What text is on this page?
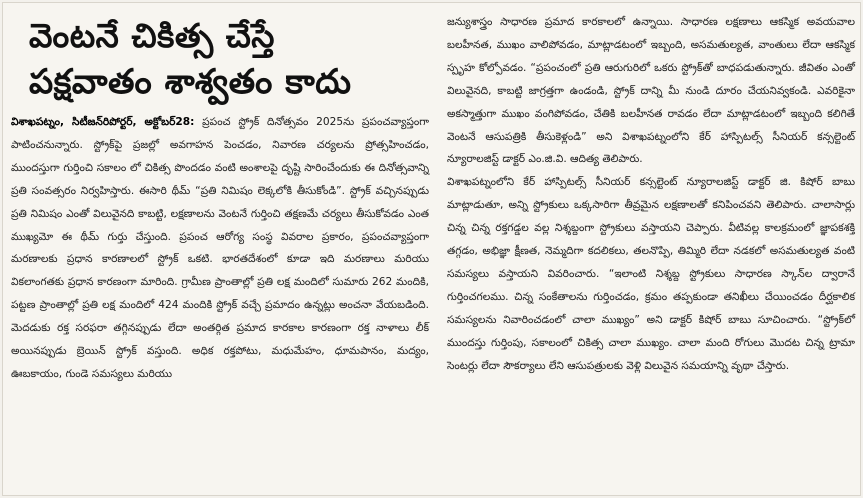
వెంటనే చికిత్స చేస్తే
పక్షవాతం శాశ్వతం కాదు

విశాఖపట్నం, సిటీజన్‌రిపోర్టర్, అక్టోబర్28: ప్రపంచ స్ట్రోక్ దినోత్సవం 2025ను ప్రపంచవ్యాప్తంగా పాటించనున్నారు. స్ట్రోక్‌పై ప్రజల్లో అవగాహన పెంచడం, నివారణ చర్యలను ప్రోత్సహించడం, ముందస్తుగా గుర్తించి సకాలం లో చికిత్స పొందడం వంటి అంశాలపై దృష్టి సారించేందుకు ఈ దినోత్సవాన్ని ప్రతి సంవత్సరం నిర్వహిస్తారు. ఈసారి థీమ్ “ప్రతి నిమిషం లెక్కలోకి తీసుకోండి”. స్ట్రోక్ వచ్చినప్పుడు ప్రతి నిమిషం ఎంతో విలువైనది కాబట్టి, లక్షణాలను వెంటనే గుర్తించి తక్షణమే చర్యలు తీసుకోవడం ఎంత ముఖ్యమో ఈ థీమ్ గుర్తు చేస్తుంది. ప్రపంచ ఆరోగ్య సంస్థ వివరాల ప్రకారం, ప్రపంచవ్యాప్తంగా మరణాలకు ప్రధాన కారణాలలో స్ట్రోక్ ఒకటి. భారతదేశంలో కూడా ఇది మరణాలు మరియు వికలాంగతకు ప్రధాన కారణంగా మారింది. గ్రామీణ ప్రాంతాల్లో ప్రతి లక్ష మందిలో సుమారు 262 మందికి, పట్టణ ప్రాంతాల్లో ప్రతి లక్ష మందిలో 424 మందికి స్ట్రోక్ వచ్చే ప్రమాదం ఉన్నట్లు అంచనా వేయబడింది. మెదడుకు రక్త సరఫరా తగ్గినప్పుడు లేదా అంతర్గిత ప్రమాద కారకాల కారణంగా రక్త నాళాలు లీక్ అయినప్పుడు బ్రెయిన్ స్ట్రోక్ వస్తుంది. అధిక రక్తపోటు, మధుమేహం, ధూమపానం, మద్యం, ఊబకాయం, గుండె సమస్యలు మరియు

జన్యుశాస్త్రం సాధారణ ప్రమాద కారకాలలో ఉన్నాయి. సాధారణ లక్షణాలు ఆకస్మిక అవయవాల బలహీనత, ముఖం వాలిపోవడం, మాట్లాడటంలో ఇబ్బంది, అసమతుల్యత, వాంతులు లేదా ఆకస్మిక స్పృహ కోల్పోవడం. “ప్రపంచంలో ప్రతి ఆరుగురిలో ఒకరు స్ట్రోక్‌తో బాధపడుతున్నారు. జీవితం ఎంతో విలువైనది, కాబట్టి జాగ్రత్తగా ఉండండి, స్ట్రోక్ దాన్ని మీ నుండి దూరం చేయనివ్వకండి. ఎవరికైనా అకస్మాత్తుగా ముఖం వంగిపోవడం, చేతికి బలహీనత రావడం లేదా మాట్లాడటంలో ఇబ్బంది కలిగితే వెంటనే ఆసుపత్రికి తీసుకెళ్లండి” అని విశాఖపట్నంలోని కేర్ హాస్పిటల్స్ సీనియర్ కన్సల్టెంట్ న్యూరాలజిస్ట్ డాక్టర్ ఎం.జి.వి. ఆదిత్య తెలిపారు.

విశాఖపట్నంలోని కేర్ హాస్పిటల్స్ సీనియర్ కన్సల్టెంట్ న్యూరాలజిస్ట్ డాక్టర్ జి. కిషోర్ బాబు మాట్లాడుతూ, అన్ని స్ట్రోకులు ఒక్కసారిగా తీవ్రమైన లక్షణాలతో కనిపించవని తెలిపారు. చాలాసార్లు చిన్న చిన్న రక్తగడ్డల వల్ల నిశ్శబ్దంగా స్ట్రోకులు వస్తాయని చెప్పారు. వీటివల్ల కాలక్రమంలో జ్ఞాపకశక్తి తగ్గడం, అభిజ్ఞా క్షీణత, నెమ్మదిగా కదలికలు, తలనొప్పి, తిమ్మిరి లేదా నడకలో అసమతుల్యత వంటి సమస్యలు వస్తాయని వివరించారు. “ఇలాంటి నిశ్శబ్ద స్ట్రోకులు సాధారణ స్కాన్‌ల ద్వారానే గుర్తించగలము. చిన్న సంకేతాలను గుర్తించడం, క్రమం తప్పకుండా తనిఖీలు చేయించడం దీర్ఘకాలిక సమస్యలను నివారించడంలో చాలా ముఖ్యం” అని డాక్టర్ కిషోర్ బాబు సూచించారు. “స్ట్రోక్‌లో ముందస్తు గుర్తింపు, సకాలంలో చికిత్స చాలా ముఖ్యం. చాలా మంది రోగులు మొదట చిన్న ట్రామా సెంటర్లు లేదా సౌకర్యాలు లేని ఆసుపత్రులకు వెళ్లి విలువైన సమయాన్ని వృథా చేస్తారు.
